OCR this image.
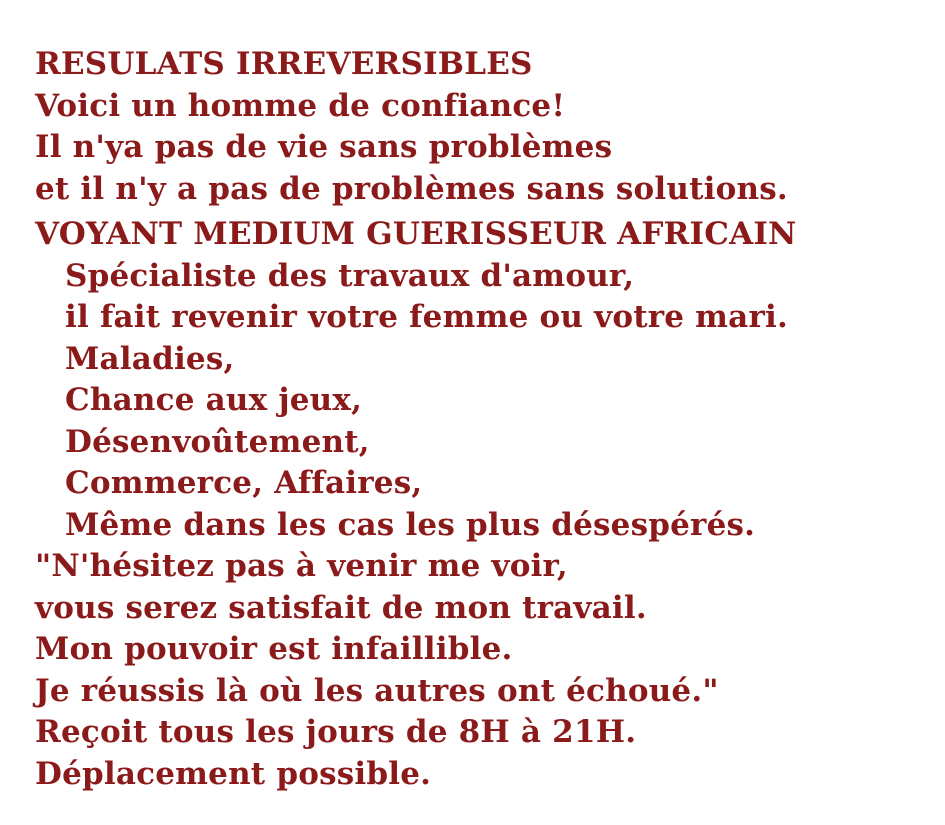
RESULATS IRREVERSIBLES
Voici un homme de confiance!
Il n'ya pas de vie sans problèmes
et il n'y a pas de problèmes sans solutions.
VOYANT MEDIUM GUERISSEUR AFRICAIN
Spécialiste des travaux d'amour,
il fait revenir votre femme ou votre mari.
Maladies,
Chance aux jeux,
Désenvoûtement,
Commerce, Affaires,
Même dans les cas les plus désespérés.
"N'hésitez pas à venir me voir,
vous serez satisfait de mon travail.
Mon pouvoir est infaillible.
Je réussis là où les autres ont échoué."
Reçoit tous les jours de 8H à 21H.
Déplacement possible.
